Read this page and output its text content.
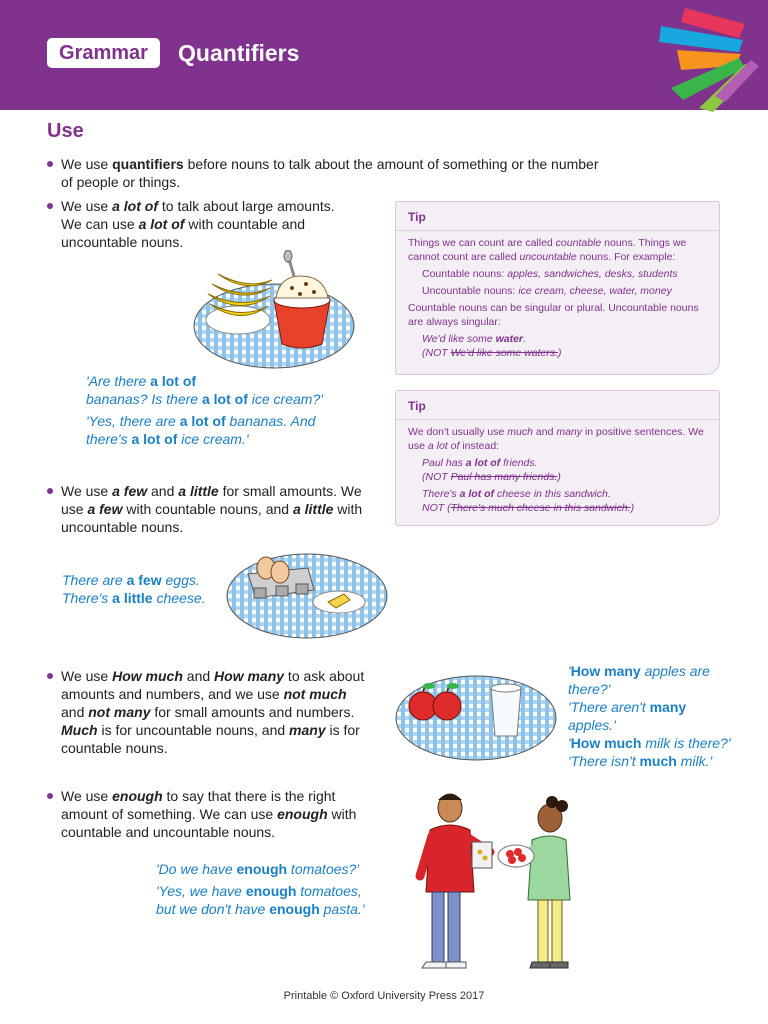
Grammar	Quantifiers
Use
We use quantifiers before nouns to talk about the amount of something or the number
of people or things.
We use a lot of to talk about large amounts.
We can use a lot of with countable and
uncountable nouns.
'Are there a lot of
bananas? Is there a lot of ice cream?'
'Yes, there are a lot of bananas. And
there's a lot of ice cream.'
Tip

Things we can count are called countable nouns. Things we
cannot count are called uncountable nouns. For example:

Countable nouns: apples, sandwiches, desks, students

Uncountable nouns: ice cream, cheese, water, money

Countable nouns can be singular or plural. Uncountable nouns
are always singular:

We'd like some water.
(NOT We'd like some waters.)

Tip

We don't usually use much and many in positive sentences. We
use a lot of instead:

Paul has a lot of friends.
(NOT Paul has many friends.)

There's a lot of cheese in this sandwich.
NOT (There's much cheese in this sandwich.)

We use a few and a little for small amounts. We
use a few with countable nouns, and a little with
uncountable nouns.
There are a few eggs.
There's a little cheese.
We use How much and How many to ask about
amounts and numbers, and we use not much
and not many for small amounts and numbers.
Much is for uncountable nouns, and many is for
countable nouns.
'How many apples are
there?'
'There aren't many
apples.'
'How much milk is there?'
'There isn't much milk.'
We use enough to say that there is the right
amount of something. We can use enough with
countable and uncountable nouns.
'Do we have enough tomatoes?'
'Yes, we have enough tomatoes,
but we don't have enough pasta.'
Printable © Oxford University Press 2017
